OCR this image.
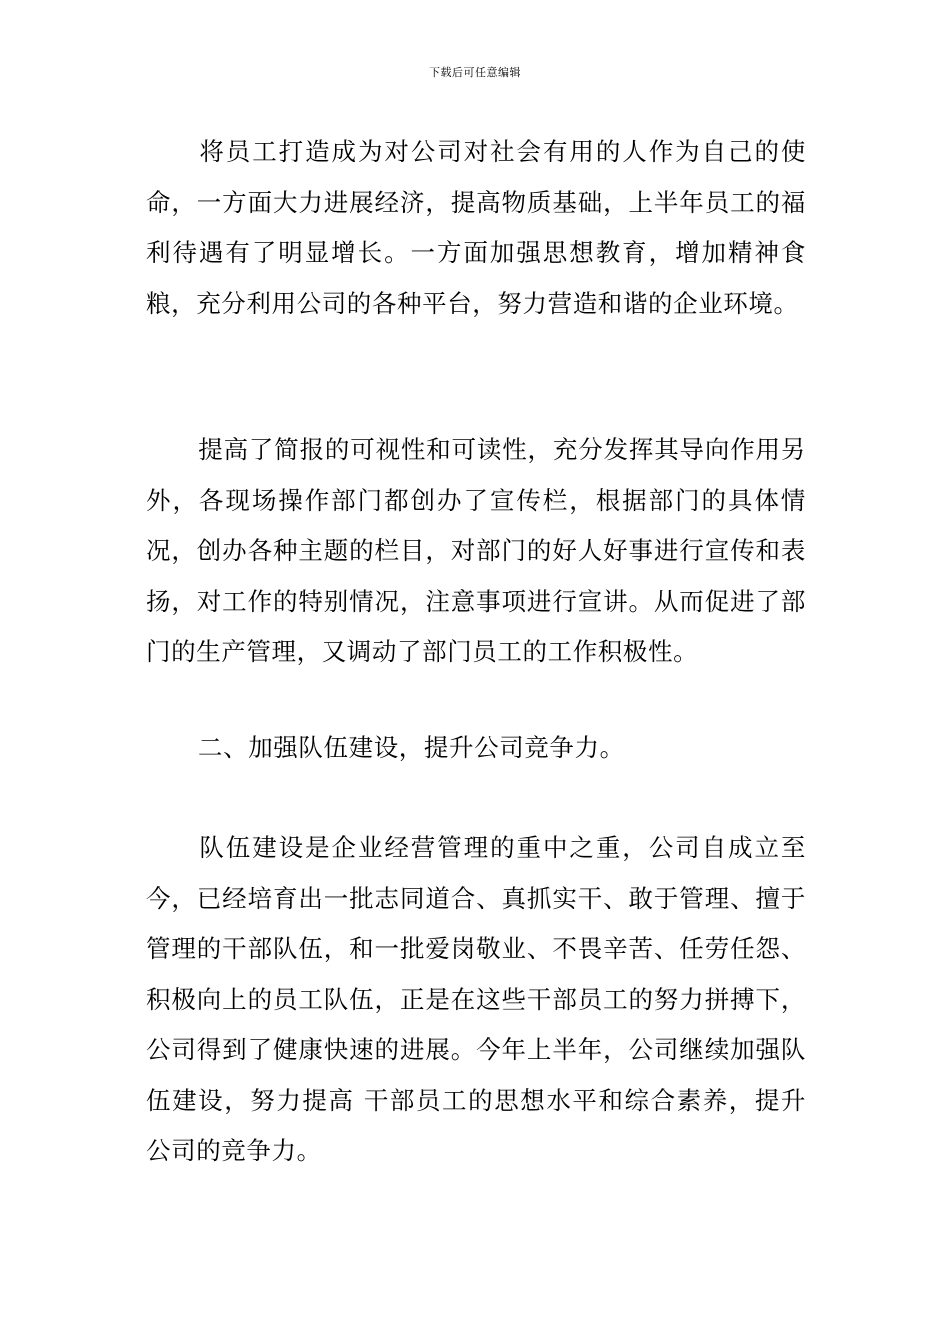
下载后可任意编辑
将员工打造成为对公司对社会有用的人作为自己的使命，一方面大力进展经济，提高物质基础，上半年员工的福利待遇有了明显增长。一方面加强思想教育，增加精神食粮，充分利用公司的各种平台，努力营造和谐的企业环境。
提高了简报的可视性和可读性，充分发挥其导向作用另外，各现场操作部门都创办了宣传栏，根据部门的具体情况，创办各种主题的栏目，对部门的好人好事进行宣传和表扬，对工作的特别情况，注意事项进行宣讲。从而促进了部门的生产管理，又调动了部门员工的工作积极性。
二、加强队伍建设，提升公司竞争力。
队伍建设是企业经营管理的重中之重，公司自成立至今，已经培育出一批志同道合、真抓实干、敢于管理、擅于管理的干部队伍，和一批爱岗敬业、不畏辛苦、任劳任怨、积极向上的员工队伍，正是在这些干部员工的努力拼搏下，公司得到了健康快速的进展。今年上半年，公司继续加强队伍建设，努力提高 干部员工的思想水平和综合素养，提升公司的竞争力。
